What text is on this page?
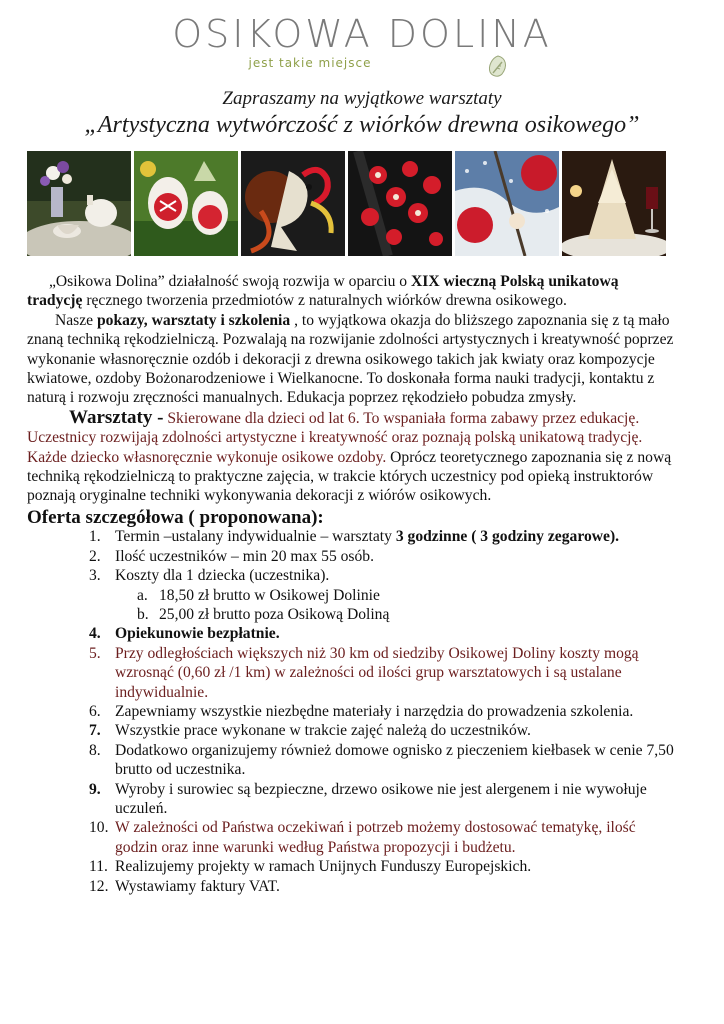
OSIKOWA DOLINA
jest takie miejsce
Zapraszamy na wyjątkowe warsztaty
„Artystyczna wytwórczość z wiórków drewna osikowego”

„Osikowa Dolina” działalność swoją rozwija w oparciu o XIX wieczną Polską unikatową tradycję ręcznego tworzenia przedmiotów z naturalnych wiórków drewna osikowego.

Nasze pokazy, warsztaty i szkolenia , to wyjątkowa okazja do bliższego zapoznania się z tą mało znaną techniką rękodzielniczą. Pozwalają na rozwijanie zdolności artystycznych i kreatywność poprzez wykonanie własnoręcznie ozdób i dekoracji z drewna osikowego takich jak kwiaty oraz kompozycje kwiatowe, ozdoby Bożonarodzeniowe i Wielkanocne. To doskonała forma nauki tradycji, kontaktu z naturą i rozwoju zręczności manualnych. Edukacja poprzez rękodzieło pobudza zmysły.

Warsztaty - Skierowane dla dzieci od lat 6. To wspaniała forma zabawy przez edukację. Uczestnicy rozwijają zdolności artystyczne i kreatywność oraz poznają polską unikatową tradycję. Każde dziecko własnoręcznie wykonuje osikowe ozdoby. Oprócz teoretycznego zapoznania się z nową techniką rękodzielniczą to praktyczne zajęcia, w trakcie których uczestnicy pod opieką instruktorów poznają oryginalne techniki wykonywania dekoracji z wiórów osikowych.

Oferta szczegółowa ( proponowana):

1. Termin –ustalany indywidualnie – warsztaty 3 godzinne ( 3 godziny zegarowe).
2. Ilość uczestników – min 20 max 55 osób.
3. Koszty dla 1 dziecka (uczestnika).
a. 18,50 zł brutto w Osikowej Dolinie
b. 25,00 zł brutto poza Osikową Doliną
4. Opiekunowie bezpłatnie.
5. Przy odległościach większych niż 30 km od siedziby Osikowej Doliny koszty mogą wzrosnąć (0,60 zł /1 km) w zależności od ilości grup warsztatowych i są ustalane indywidualnie.
6. Zapewniamy wszystkie niezbędne materiały i narzędzia do prowadzenia szkolenia.
7. Wszystkie prace wykonane w trakcie zajęć należą do uczestników.
8. Dodatkowo organizujemy również domowe ognisko z pieczeniem kiełbasek w cenie 7,50 brutto od uczestnika.
9. Wyroby i surowiec są bezpieczne, drzewo osikowe nie jest alergenem i nie wywołuje uczuleń.
10. W zależności od Państwa oczekiwań i potrzeb możemy dostosować tematykę, ilość godzin oraz inne warunki według Państwa propozycji i budżetu.
11. Realizujemy projekty w ramach Unijnych Funduszy Europejskich.
12. Wystawiamy faktury VAT.
